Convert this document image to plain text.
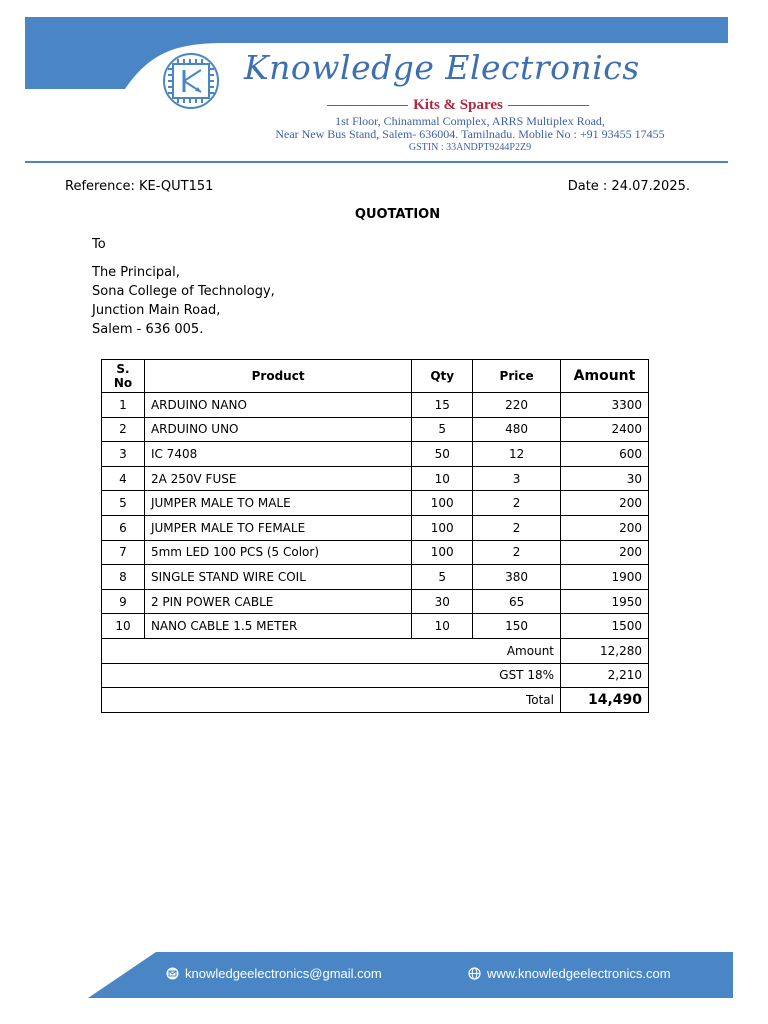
Knowledge Electronics
Kits & Spares
1st Floor, Chinammal Complex, ARRS Multiplex Road,
Near New Bus Stand, Salem- 636004. Tamilnadu. Moblie No : +91 93455 17455
GSTIN : 33ANDPT9244P2Z9
Reference: KE-QUT151	Date : 24.07.2025.
QUOTATION
To
The Principal,
Sona College of Technology,
Junction Main Road,
Salem - 636 005.
S.
No	Product	Qty	Price	Amount
1	ARDUINO NANO	15	220	3300
2	ARDUINO UNO	5	480	2400
3	IC 7408	50	12	600
4	2A 250V FUSE	10	3	30
5	JUMPER MALE TO MALE	100	2	200
6	JUMPER MALE TO FEMALE	100	2	200
7	5mm LED 100 PCS (5 Color)	100	2	200
8	SINGLE STAND WIRE COIL	5	380	1900
9	2 PIN POWER CABLE	30	65	1950
10	NANO CABLE 1.5 METER	10	150	1500
Amount				12,280
GST 18%				2,210
Total				14,490
knowledgeelectronics@gmail.com	www.knowledgeelectronics.com
